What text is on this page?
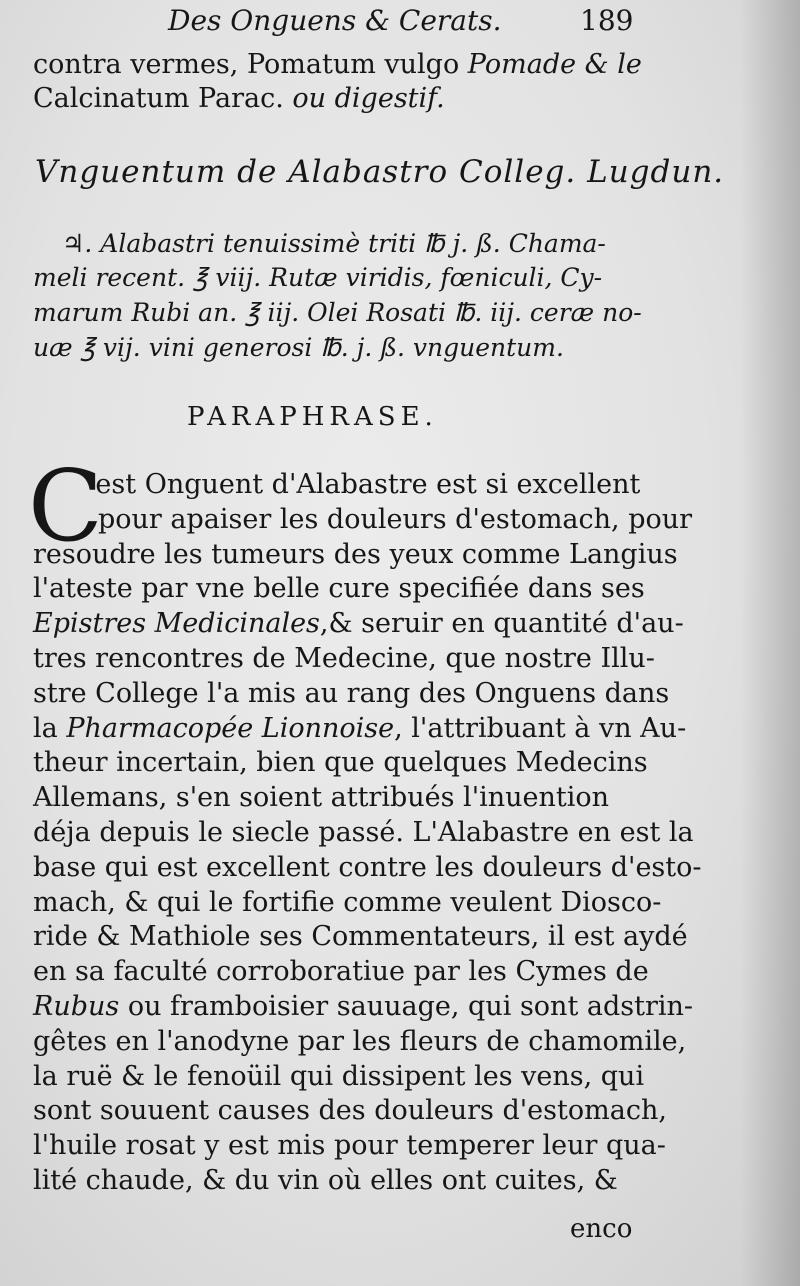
Des Onguens & Cerats.	189
contra vermes, Pomatum vulgo Pomade & le
Calcinatum Parac. ou digestif.
Vnguentum de Alabastro Colleg. Lugdun.
♃. Alabastri tenuissimè triti ℔ j. ß. Chama-
meli recent. ℥ viij. Rutæ viridis, fœniculi, Cy-
marum Rubi an. ℥ iij. Olei Rosati ℔. iij. ceræ no-
uæ ℥ vij. vini generosi ℔. j. ß. vnguentum.
PARAPHRASE.
C
'est Onguent d'Alabastre est si excellent
pour apaiser les douleurs d'estomach, pour
resoudre les tumeurs des yeux comme Langius
l'ateste par vne belle cure specifiée dans ses
Epistres Medicinales,& seruir en quantité d'au-
tres rencontres de Medecine, que nostre Illu-
stre College l'a mis au rang des Onguens dans
la Pharmacopée Lionnoise, l'attribuant à vn Au-
theur incertain, bien que quelques Medecins
Allemans, s'en soient attribués l'inuention
déja depuis le siecle passé. L'Alabastre en est la
base qui est excellent contre les douleurs d'esto-
mach, & qui le fortifie comme veulent Diosco-
ride & Mathiole ses Commentateurs, il est aydé
en sa faculté corroboratiue par les Cymes de
Rubus ou framboisier sauuage, qui sont adstrin-
gêtes en l'anodyne par les fleurs de chamomile,
la ruë & le fenoüil qui dissipent les vens, qui
sont souuent causes des douleurs d'estomach,
l'huile rosat y est mis pour temperer leur qua-
lité chaude, & du vin où elles ont cuites, &
enco
